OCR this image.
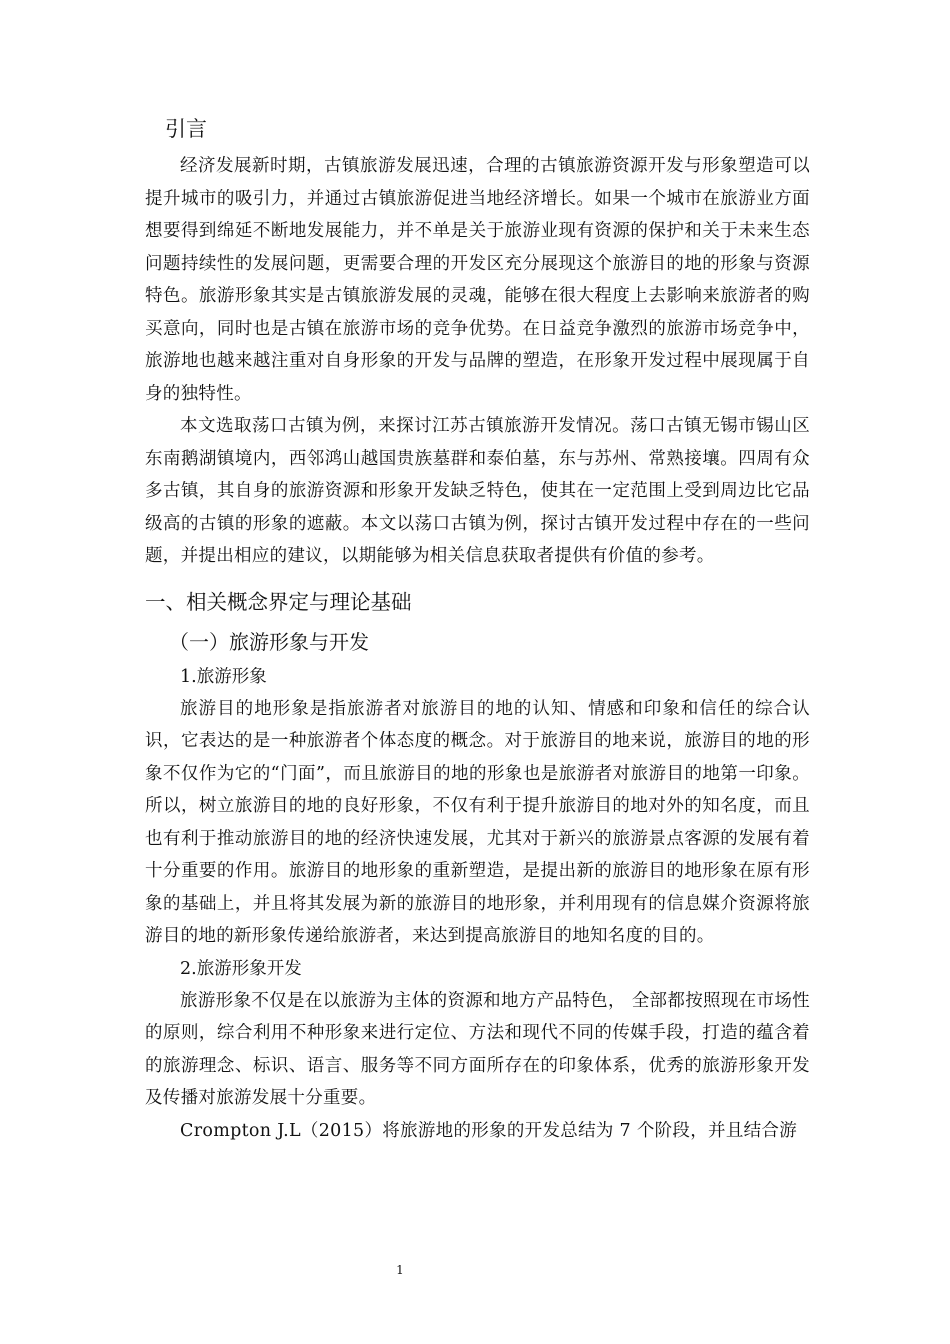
引言

经济发展新时期，古镇旅游发展迅速，合理的古镇旅游资源开发与形象塑造可以提升城市的吸引力，并通过古镇旅游促进当地经济增长。如果一个城市在旅游业方面想要得到绵延不断地发展能力，并不单是关于旅游业现有资源的保护和关于未来生态问题持续性的发展问题，更需要合理的开发区充分展现这个旅游目的地的形象与资源特色。旅游形象其实是古镇旅游发展的灵魂，能够在很大程度上去影响来旅游者的购买意向，同时也是古镇在旅游市场的竞争优势。在日益竞争激烈的旅游市场竞争中，旅游地也越来越注重对自身形象的开发与品牌的塑造，在形象开发过程中展现属于自身的独特性。

本文选取荡口古镇为例，来探讨江苏古镇旅游开发情况。荡口古镇无锡市锡山区东南鹅湖镇境内，西邻鸿山越国贵族墓群和泰伯墓，东与苏州、常熟接壤。四周有众多古镇，其自身的旅游资源和形象开发缺乏特色，使其在一定范围上受到周边比它品级高的古镇的形象的遮蔽。本文以荡口古镇为例，探讨古镇开发过程中存在的一些问题，并提出相应的建议，以期能够为相关信息获取者提供有价值的参考。

一、相关概念界定与理论基础
（一）旅游形象与开发
1.旅游形象

旅游目的地形象是指旅游者对旅游目的地的认知、情感和印象和信任的综合认识，它表达的是一种旅游者个体态度的概念。对于旅游目的地来说，旅游目的地的形象不仅作为它的“门面”，而且旅游目的地的形象也是旅游者对旅游目的地第一印象。所以，树立旅游目的地的良好形象，不仅有利于提升旅游目的地对外的知名度，而且也有利于推动旅游目的地的经济快速发展，尤其对于新兴的旅游景点客源的发展有着十分重要的作用。旅游目的地形象的重新塑造，是提出新的旅游目的地形象在原有形象的基础上，并且将其发展为新的旅游目的地形象，并利用现有的信息媒介资源将旅游目的地的新形象传递给旅游者，来达到提高旅游目的地知名度的目的。

2.旅游形象开发

旅游形象不仅是在以旅游为主体的资源和地方产品特色， 全部都按照现在市场性的原则，综合利用不种形象来进行定位、方法和现代不同的传媒手段，打造的蕴含着的旅游理念、标识、语言、服务等不同方面所存在的印象体系，优秀的旅游形象开发及传播对旅游发展十分重要。

Crompton J.L（2015）将旅游地的形象的开发总结为 7 个阶段，并且结合游

1
